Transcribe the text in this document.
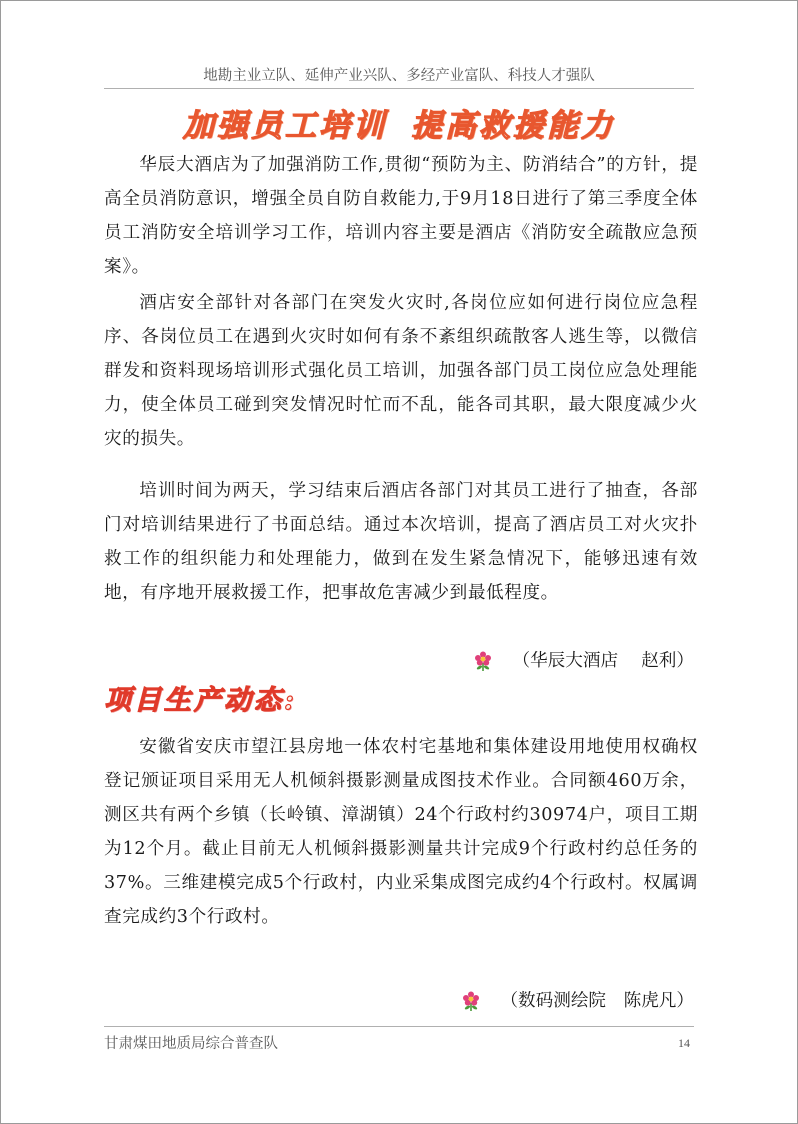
地勘主业立队、延伸产业兴队、多经产业富队、科技人才强队
加强员工培训 提高救援能力

华辰大酒店为了加强消防工作,贯彻“预防为主、防消结合”的方针，提高全员消防意识，增强全员自防自救能力,于9月18日进行了第三季度全体员工消防安全培训学习工作，培训内容主要是酒店《消防安全疏散应急预案》。

酒店安全部针对各部门在突发火灾时,各岗位应如何进行岗位应急程序、各岗位员工在遇到火灾时如何有条不紊组织疏散客人逃生等，以微信群发和资料现场培训形式强化员工培训，加强各部门员工岗位应急处理能力，使全体员工碰到突发情况时忙而不乱，能各司其职，最大限度减少火灾的损失。

培训时间为两天，学习结束后酒店各部门对其员工进行了抽查，各部门对培训结果进行了书面总结。通过本次培训，提高了酒店员工对火灾扑救工作的组织能力和处理能力，做到在发生紧急情况下，能够迅速有效地，有序地开展救援工作，把事故危害减少到最低程度。

（华辰大酒店　 赵利）
项目生产动态:

安徽省安庆市望江县房地一体农村宅基地和集体建设用地使用权确权登记颁证项目采用无人机倾斜摄影测量成图技术作业。合同额460万余，测区共有两个乡镇（长岭镇、漳湖镇）24个行政村约30974户，项目工期为12个月。截止目前无人机倾斜摄影测量共计完成9个行政村约总任务的37%。三维建模完成5个行政村，内业采集成图完成约4个行政村。权属调查完成约3个行政村。

（数码测绘院　陈虎凡）
甘肃煤田地质局综合普查队	14
